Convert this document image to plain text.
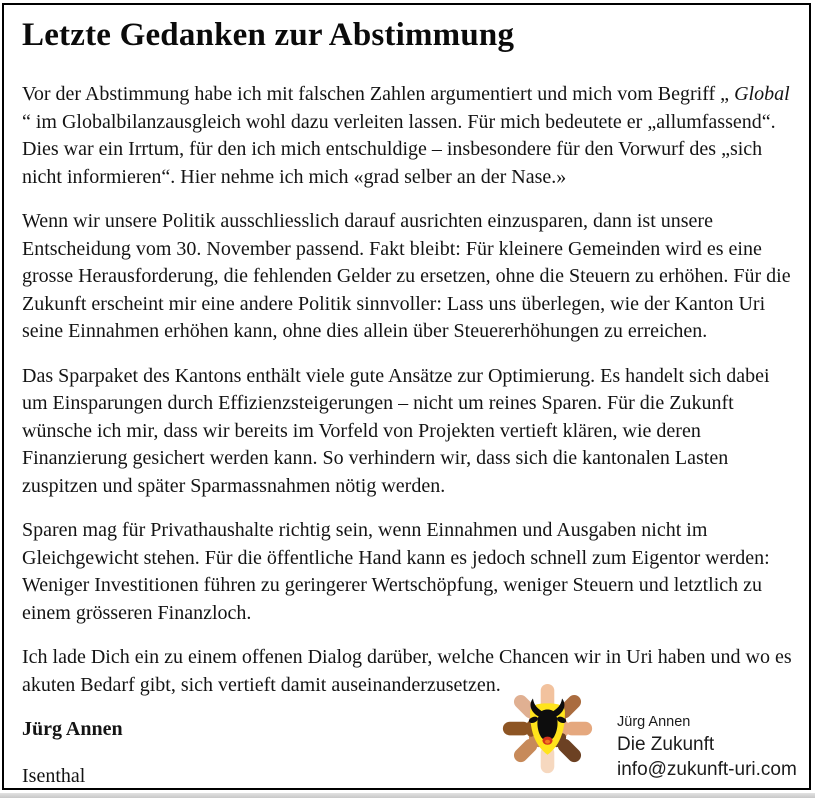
Letzte Gedanken zur Abstimmung

Vor der Abstimmung habe ich mit falschen Zahlen argumentiert und mich vom Begriff „ Global “ im Globalbilanzausgleich wohl dazu verleiten lassen. Für mich bedeutete er „allumfassend“. Dies war ein Irrtum, für den ich mich entschuldige – insbesondere für den Vorwurf des „sich nicht informieren“. Hier nehme ich mich «grad selber an der Nase.»

Wenn wir unsere Politik ausschliesslich darauf ausrichten einzusparen, dann ist unsere Entscheidung vom 30. November passend. Fakt bleibt: Für kleinere Gemeinden wird es eine grosse Herausforderung, die fehlenden Gelder zu ersetzen, ohne die Steuern zu erhöhen. Für die Zukunft erscheint mir eine andere Politik sinnvoller: Lass uns überlegen, wie der Kanton Uri seine Einnahmen erhöhen kann, ohne dies allein über Steuererhöhungen zu erreichen.

Das Sparpaket des Kantons enthält viele gute Ansätze zur Optimierung. Es handelt sich dabei um Einsparungen durch Effizienzsteigerungen – nicht um reines Sparen. Für die Zukunft wünsche ich mir, dass wir bereits im Vorfeld von Projekten vertieft klären, wie deren Finanzierung gesichert werden kann. So verhindern wir, dass sich die kantonalen Lasten zuspitzen und später Sparmassnahmen nötig werden.

Sparen mag für Privathaushalte richtig sein, wenn Einnahmen und Ausgaben nicht im Gleichgewicht stehen. Für die öffentliche Hand kann es jedoch schnell zum Eigentor werden: Weniger Investitionen führen zu geringerer Wertschöpfung, weniger Steuern und letztlich zu einem grösseren Finanzloch.

Ich lade Dich ein zu einem offenen Dialog darüber, welche Chancen wir in Uri haben und wo es akuten Bedarf gibt, sich vertieft damit auseinanderzusetzen.

Jürg Annen
Isenthal
Jürg Annen
Die Zukunft
info@zukunft-uri.com
